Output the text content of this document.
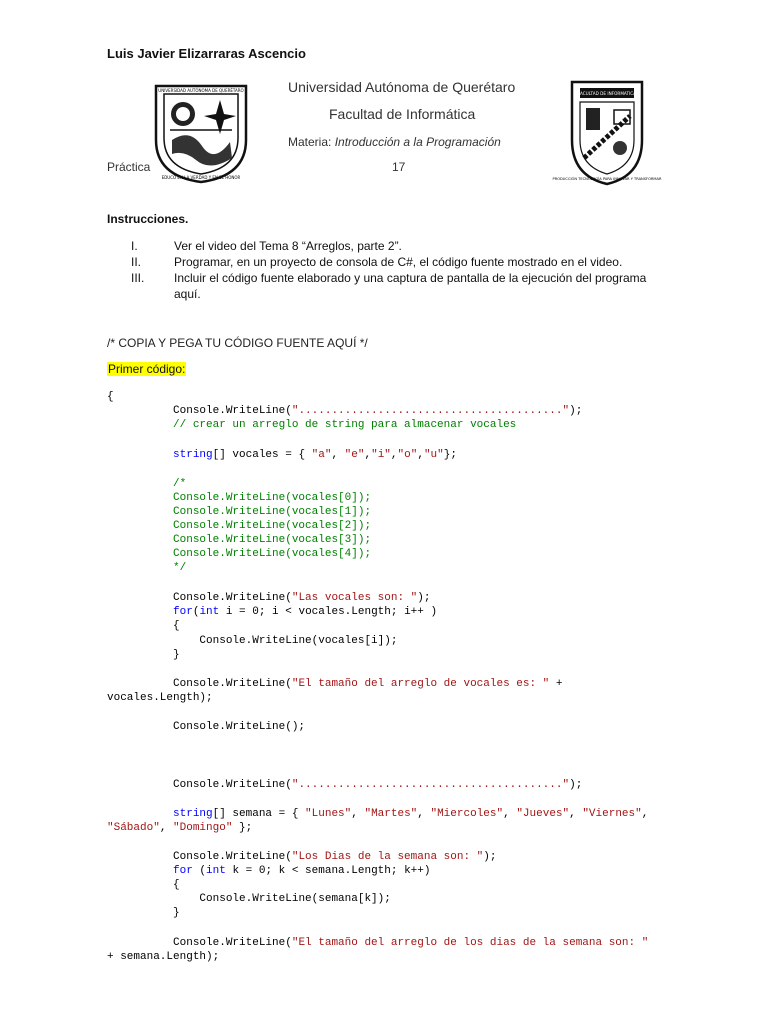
Luis Javier Elizarraras Ascencio
UNIVERSIDAD AUTÓNOMA DE QUERÉTARO
EDUCO EN LA VERDAD Y EN EL HONOR
Universidad Autónoma de Querétaro
Facultad de Informática
Materia: Introducción a la Programación
Práctica	17
FACULTAD DE INFORMATICA
PRODUCCIÓN TECNOLOGÍA PARA INNOVAR Y TRANSFORMAR
Instrucciones.
I.	Ver el video del Tema 8 “Arreglos, parte 2”.
II.	Programar, en un proyecto de consola de C#, el código fuente mostrado en el video.
III. Incluir el código fuente elaborado y una captura de pantalla de la ejecución del programa
aquí.
/* COPIA Y PEGA TU CÓDIGO FUENTE AQUÍ */
Primer código:
{
Console.WriteLine("........................................");
// crear un arreglo de string para almacenar vocales
string[] vocales = { "a", "e","i","o","u"};
/*
Console.WriteLine(vocales[0]);
Console.WriteLine(vocales[1]);
Console.WriteLine(vocales[2]);
Console.WriteLine(vocales[3]);
Console.WriteLine(vocales[4]);
*/
Console.WriteLine("Las vocales son: ");
for(int i = 0; i < vocales.Length; i++ )
{
Console.WriteLine(vocales[i]);
}
Console.WriteLine("El tamaño del arreglo de vocales es: " +
vocales.Length);
Console.WriteLine();
Console.WriteLine("........................................");
string[] semana = { "Lunes", "Martes", "Miercoles", "Jueves", "Viernes",
"Sábado", "Domingo" };
Console.WriteLine("Los Dias de la semana son: ");
for (int k = 0; k < semana.Length; k++)
{
Console.WriteLine(semana[k]);
}
Console.WriteLine("El tamaño del arreglo de los dias de la semana son: "
+ semana.Length);
